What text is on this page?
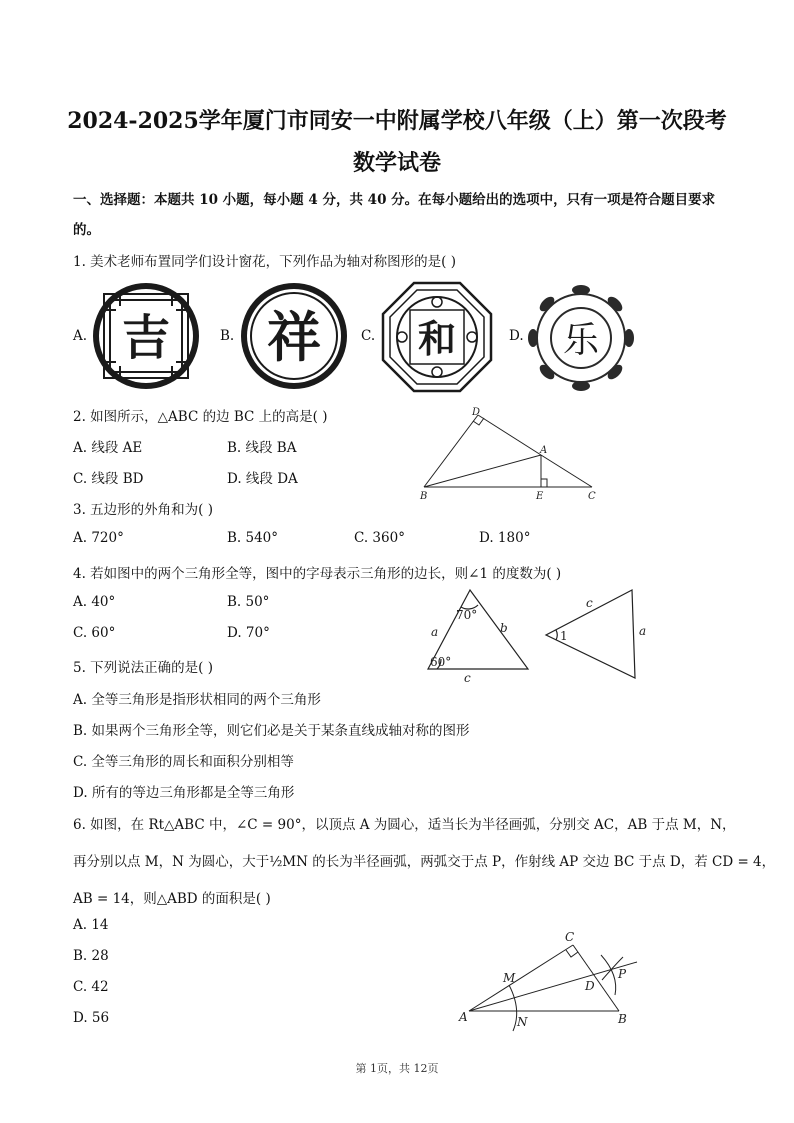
2024-2025学年厦门市同安一中附属学校八年级（上）第一次段考
数学试卷
一、选择题：本题共 10 小题，每小题 4 分，共 40 分。在每小题给出的选项中，只有一项是符合题目要求
的。
1. 美术老师布置同学们设计窗花，下列作品为轴对称图形的是( )
A. 吉	B. 祥	C. 和	D. 乐
2. 如图所示，△ABC 的边 BC 上的高是( )
A. 线段 AE	B. 线段 BA
C. 线段 BD	D. 线段 DA
D
A
B	E	C
3. 五边形的外角和为( )
A. 720°	B. 540°	C. 360°	D. 180°
4. 若如图中的两个三角形全等，图中的字母表示三角形的边长，则∠1 的度数为( )
A. 40°	B. 50°
C. 60°	D. 70°
70°
60°
a	b
c
c
a
1
5. 下列说法正确的是( )
A. 全等三角形是指形状相同的两个三角形
B. 如果两个三角形全等，则它们必是关于某条直线成轴对称的图形
C. 全等三角形的周长和面积分别相等
D. 所有的等边三角形都是全等三角形
6. 如图，在 Rt△ABC 中，∠C = 90°，以顶点 A 为圆心，适当长为半径画弧，分别交 AC，AB 于点 M，N，
再分别以点 M，N 为圆心，大于½MN 的长为半径画弧，两弧交于点 P，作射线 AP 交边 BC 于点 D，若 CD = 4，
AB = 14，则△ABD 的面积是( )
A. 14
B. 28
C. 42
D. 56
C
M	P
D
A	N	B
第 1页，共 12页
